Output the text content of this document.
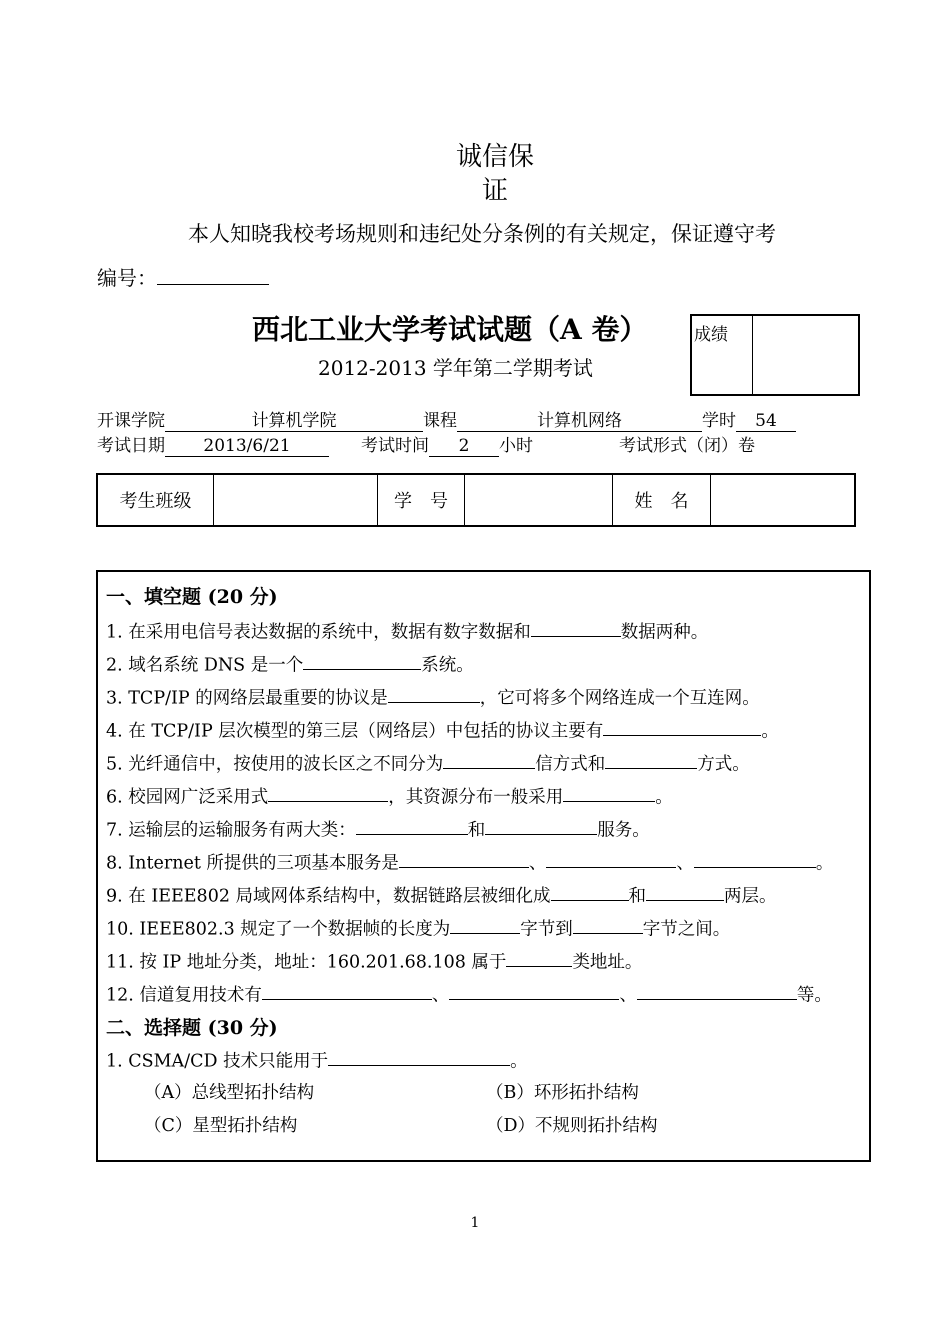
诚信保证
本人知晓我校考场规则和违纪处分条例的有关规定，保证遵守考
编号：
西北工业大学考试试题（A 卷）
2012-2013 学年第二学期考试
成绩
开课学院	计算机学院	课程	计算机网络	学时 54
考试日期 2013/6/21	考试时间 2 小时	考试形式（闭）卷
考生班级	学　号	姓　名
一、填空题 (20 分)
1. 在采用电信号表达数据的系统中，数据有数字数据和	数据两种。
2. 域名系统 DNS 是一个	系统。
3. TCP/IP 的网络层最重要的协议是	，它可将多个网络连成一个互连网。
4. 在 TCP/IP 层次模型的第三层（网络层）中包括的协议主要有	。
5. 光纤通信中，按使用的波长区之不同分为	信方式和	方式。
6. 校园网广泛采用式	，其资源分布一般采用	。
7. 运输层的运输服务有两大类：	和	服务。
8. Internet 所提供的三项基本服务是	、	、	。
9. 在 IEEE802 局域网体系结构中，数据链路层被细化成	和	两层。
10. IEEE802.3 规定了一个数据帧的长度为	字节到	字节之间。
11. 按 IP 地址分类，地址：160.201.68.108 属于	类地址。
12. 信道复用技术有	、	、	等。
二、选择题 (30 分)
1. CSMA/CD 技术只能用于	。
（A）总线型拓扑结构	（B）环形拓扑结构
（C）星型拓扑结构	（D）不规则拓扑结构
1
